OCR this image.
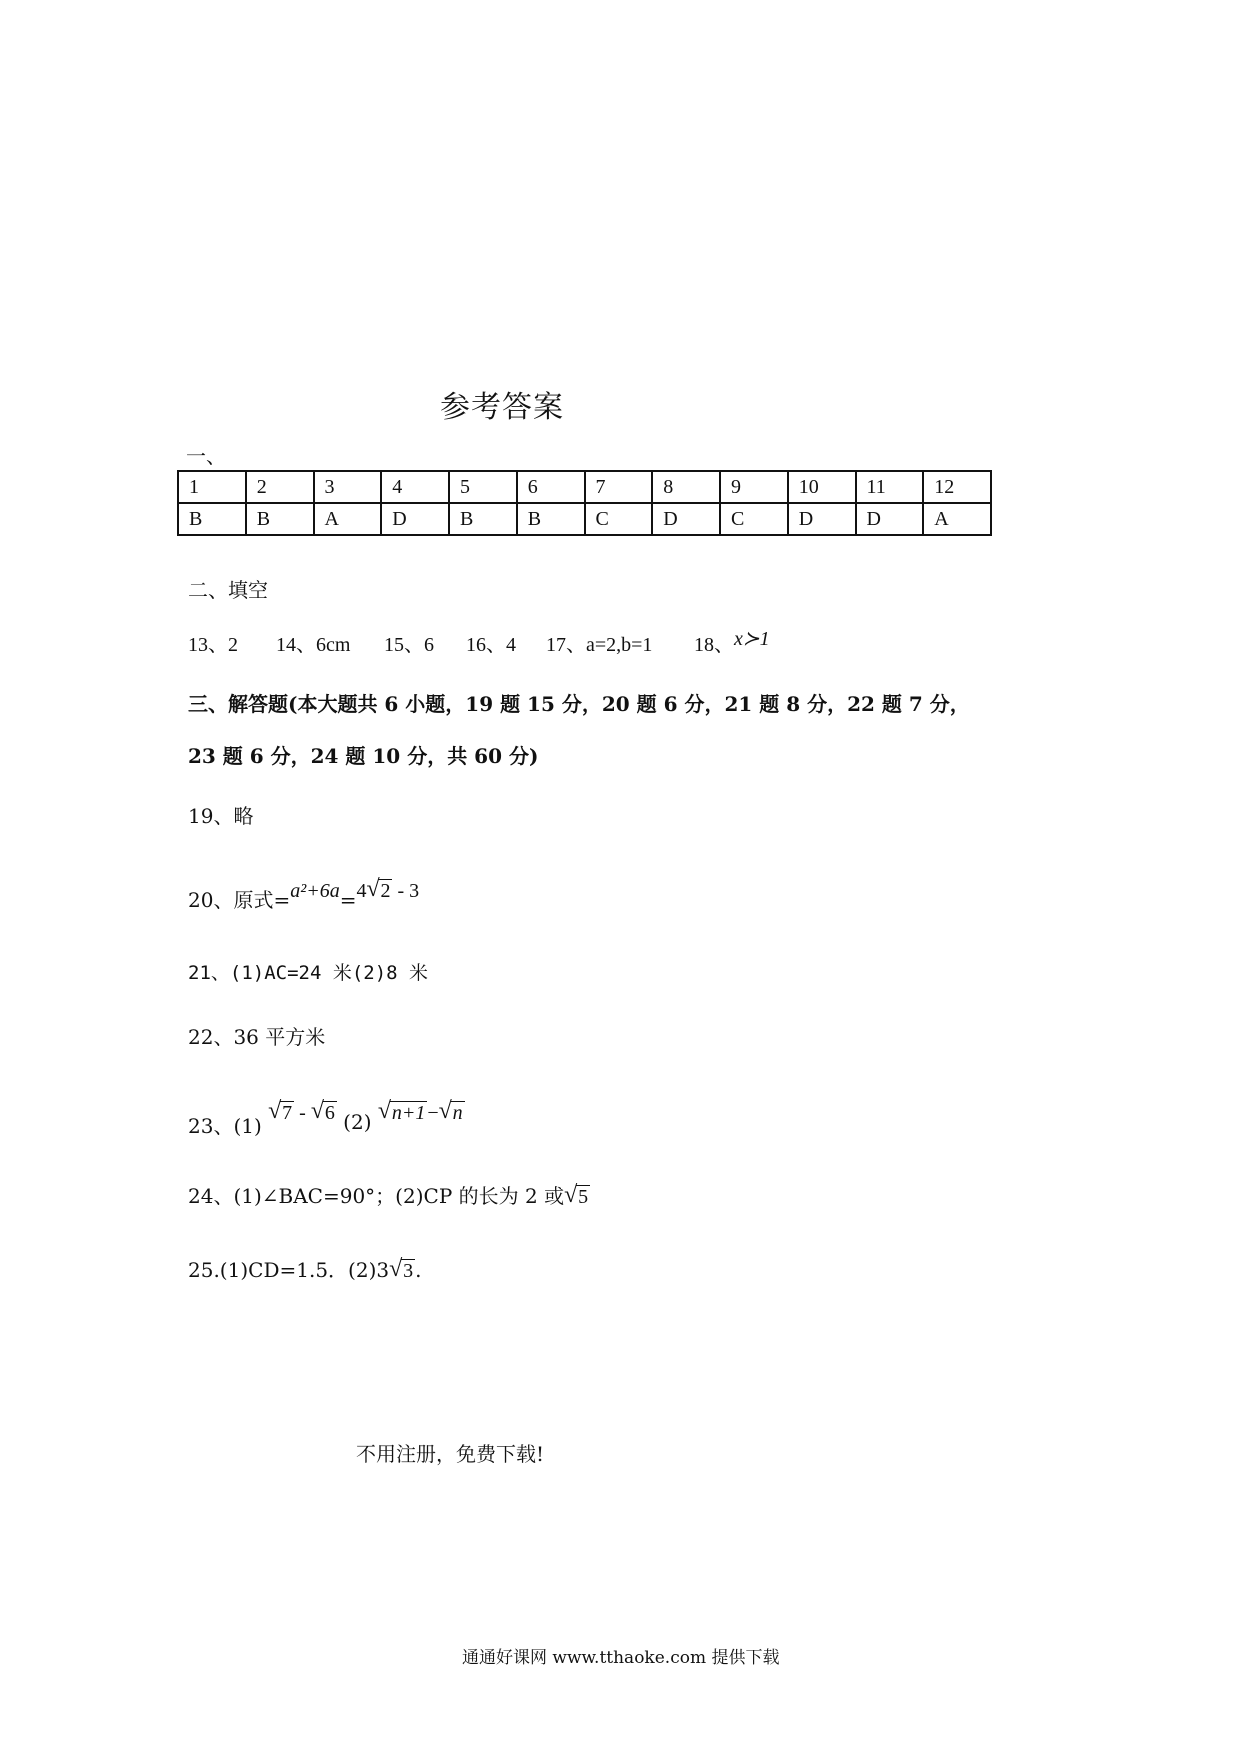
参考答案
一、
1	2	3	4	5	6	7	8	9	10	11	12
B	B	A	D	B	B	C	D	C	D	D	A
二、填空
13、2 14、6cm 15、6 16、4 17、a=2,b=1 18、x≻1
三、解答题(本大题共 6 小题，19 题 15 分，20 题 6 分，21 题 8 分，22 题 7 分，
23 题 6 分，24 题 10 分，共 60 分)
19、略
20、原式=a²+6a=4 √ 2 - 3
21、(1)AC=24 米(2)8 米
22、36 平方米
23、(1)
√ 7 - √ 6 (2) √ n+1 − √ n
24、(1)∠BAC=90°；(2)CP 的长为 2 或 √ 5
25.(1)CD=1.5．(2)3 √ 3 .
不用注册，免费下载!
通通好课网 www.tthaoke.com 提供下载
